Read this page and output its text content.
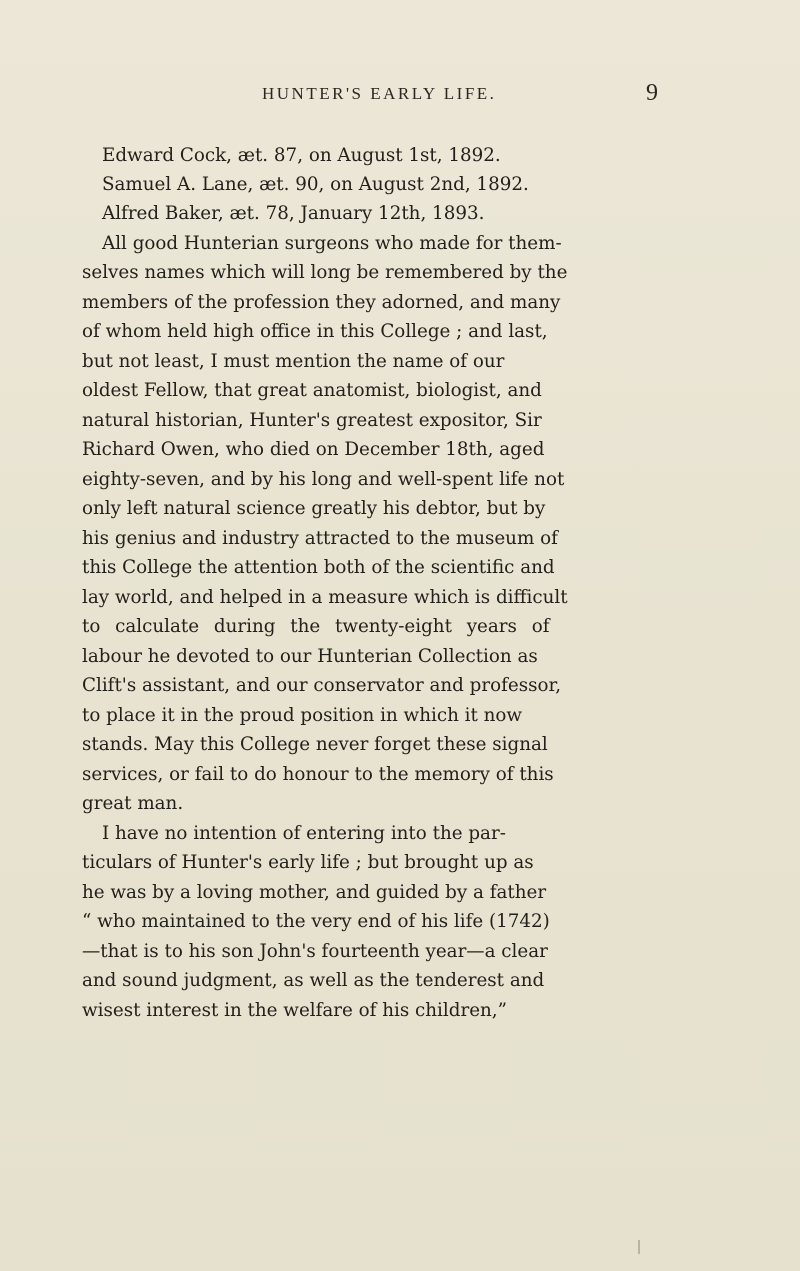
HUNTER'S EARLY LIFE.	9
Edward Cock, æt. 87, on August 1st, 1892.
Samuel A. Lane, æt. 90, on August 2nd, 1892.
Alfred Baker, æt. 78, January 12th, 1893.
All good Hunterian surgeons who made for them-
selves names which will long be remembered by the
members of the profession they adorned, and many
of whom held high office in this College ; and last,
but not least, I must mention the name of our
oldest Fellow, that great anatomist, biologist, and
natural historian, Hunter's greatest expositor, Sir
Richard Owen, who died on December 18th, aged
eighty-seven, and by his long and well-spent life not
only left natural science greatly his debtor, but by
his genius and industry attracted to the museum of
this College the attention both of the scientific and
lay world, and helped in a measure which is difficult
to calculate during the twenty-eight years of
labour he devoted to our Hunterian Collection as
Clift's assistant, and our conservator and professor,
to place it in the proud position in which it now
stands. May this College never forget these signal
services, or fail to do honour to the memory of this
great man.
I have no intention of entering into the par-
ticulars of Hunter's early life ; but brought up as
he was by a loving mother, and guided by a father
“ who maintained to the very end of his life (1742)
—that is to his son John's fourteenth year—a clear
and sound judgment, as well as the tenderest and
wisest interest in the welfare of his children,”
